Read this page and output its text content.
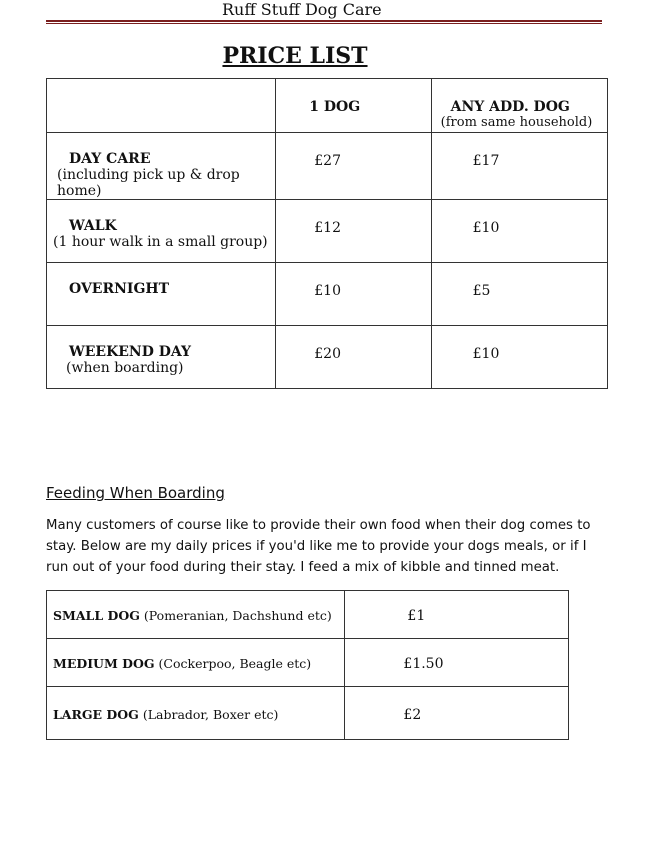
Ruff Stuff Dog Care
PRICE LIST

	1 DOG	ANY ADD. DOG
(from same household)

DAY CARE
(including pick up & drop home)	£27	£17

WALK
(1 hour walk in a small group)	£12	£10

OVERNIGHT	£10	£5

WEEKEND DAY
(when boarding)	£20	£10
Feeding When Boarding
Many customers of course like to provide their own food when their dog comes to stay. Below are my daily prices if you'd like me to provide your dogs meals, or if I run out of your food during their stay. I feed a mix of kibble and tinned meat.
SMALL DOG (Pomeranian, Dachshund etc)	£1
MEDIUM DOG (Cockerpoo, Beagle etc)	£1.50
LARGE DOG (Labrador, Boxer etc)	£2
